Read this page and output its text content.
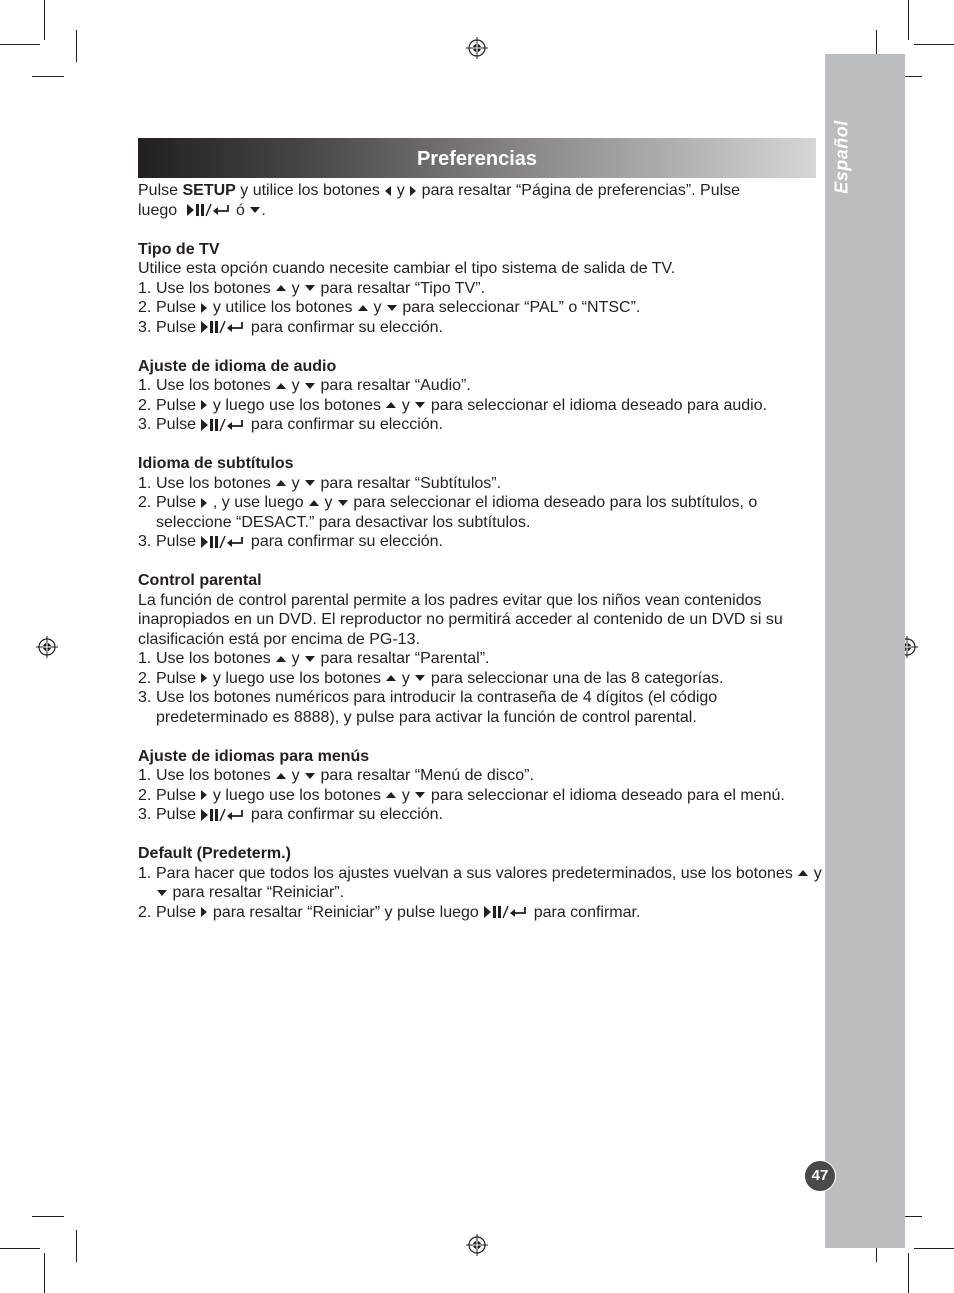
Español
47
Preferencias

Pulse SETUP y utilice los botones
y
para resaltar “Página de preferencias”. Pulse
luego	ó
.

Tipo de TV

Utilice esta opción cuando necesite cambiar el tipo sistema de salida de TV.

1. Use los botones
y
para resaltar “Tipo TV”.

2. Pulse
y utilice los botones
y
para seleccionar “PAL” o “NTSC”.

3. Pulse	para confirmar su elección.

Ajuste de idioma de audio

1. Use los botones
y
para resaltar “Audio”.

2. Pulse
y luego use los botones
y
para seleccionar el idioma deseado para audio.

3. Pulse	para confirmar su elección.

Idioma de subtítulos

1. Use los botones
y
para resaltar “Subtítulos”.

2. Pulse
, y use luego
y
para seleccionar el idioma deseado para los subtítulos, o seleccione “DESACT.” para desactivar los subtítulos.

3. Pulse	para confirmar su elección.

Control parental

La función de control parental permite a los padres evitar que los niños vean contenidos inapropiados en un DVD. El reproductor no permitirá acceder al contenido de un DVD si su clasificación está por encima de PG-13.

1. Use los botones
y
para resaltar “Parental”.

2. Pulse
y luego use los botones
y
para seleccionar una de las 8 categorías.

3. Use los botones numéricos para introducir la contraseña de 4 dígitos (el código predeterminado es 8888), y pulse para activar la función de control parental.

Ajuste de idiomas para menús

1. Use los botones
y
para resaltar “Menú de disco”.

2. Pulse
y luego use los botones
y
para seleccionar el idioma deseado para el menú.

3. Pulse	para confirmar su elección.

Default (Predeterm.)

1. Para hacer que todos los ajustes vuelvan a sus valores predeterminados, use los botones
y
para resaltar “Reiniciar”.

2. Pulse
para resaltar “Reiniciar” y pulse luego	para confirmar.
